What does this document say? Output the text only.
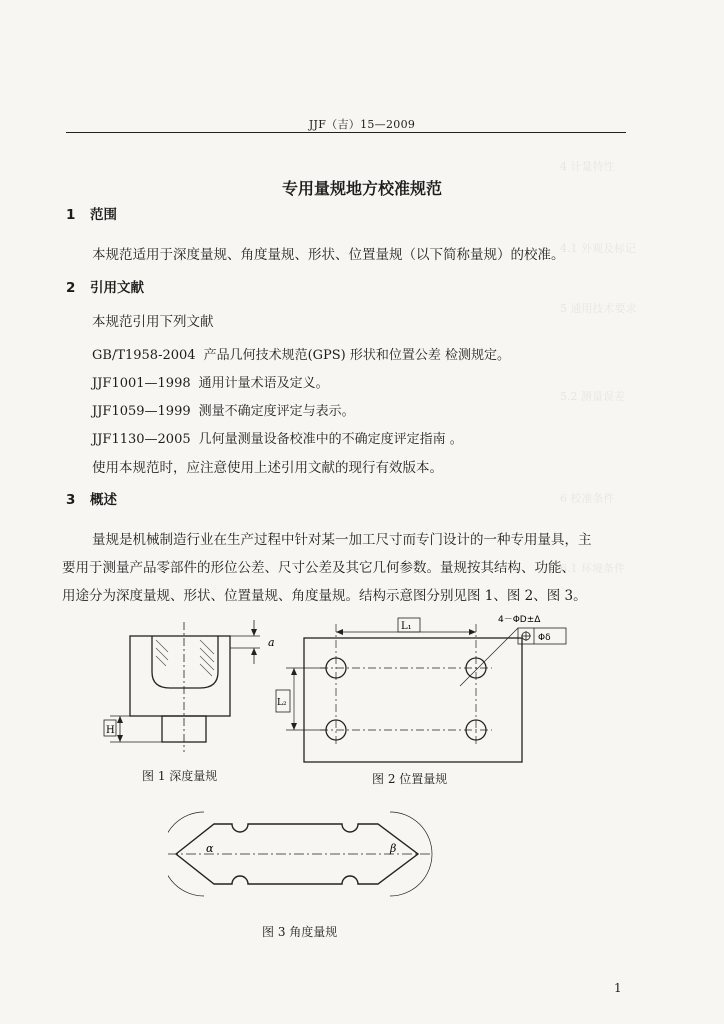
4 计量特性
4.1 外观及标记
5 通用技术要求
5.2 测量误差
6 校准条件
6.1 环境条件
JJF（吉）15—2009
专用量规地方校准规范
1 范围
本规范适用于深度量规、角度量规、形状、位置量规（以下简称量规）的校准。
2 引用文献
本规范引用下列文献
GB/T1958-2004 产品几何技术规范(GPS) 形状和位置公差 检测规定。
JJF1001—1998 通用计量术语及定义。
JJF1059—1999 测量不确定度评定与表示。
JJF1130—2005 几何量测量设备校准中的不确定度评定指南 。
使用本规范时，应注意使用上述引用文献的现行有效版本。
3 概述
量规是机械制造行业在生产过程中针对某一加工尺寸而专门设计的一种专用量具，主
要用于测量产品零部件的形位公差、尺寸公差及其它几何参数。量规按其结构、功能、
用途分为深度量规、形状、位置量规、角度量规。结构示意图分别见图 1、图 2、图 3。
a
H
图 1 深度量规
L₁
L₂
4－ΦD±Δ
Φδ
图 2 位置量规
α	β
图 3 角度量规
1
